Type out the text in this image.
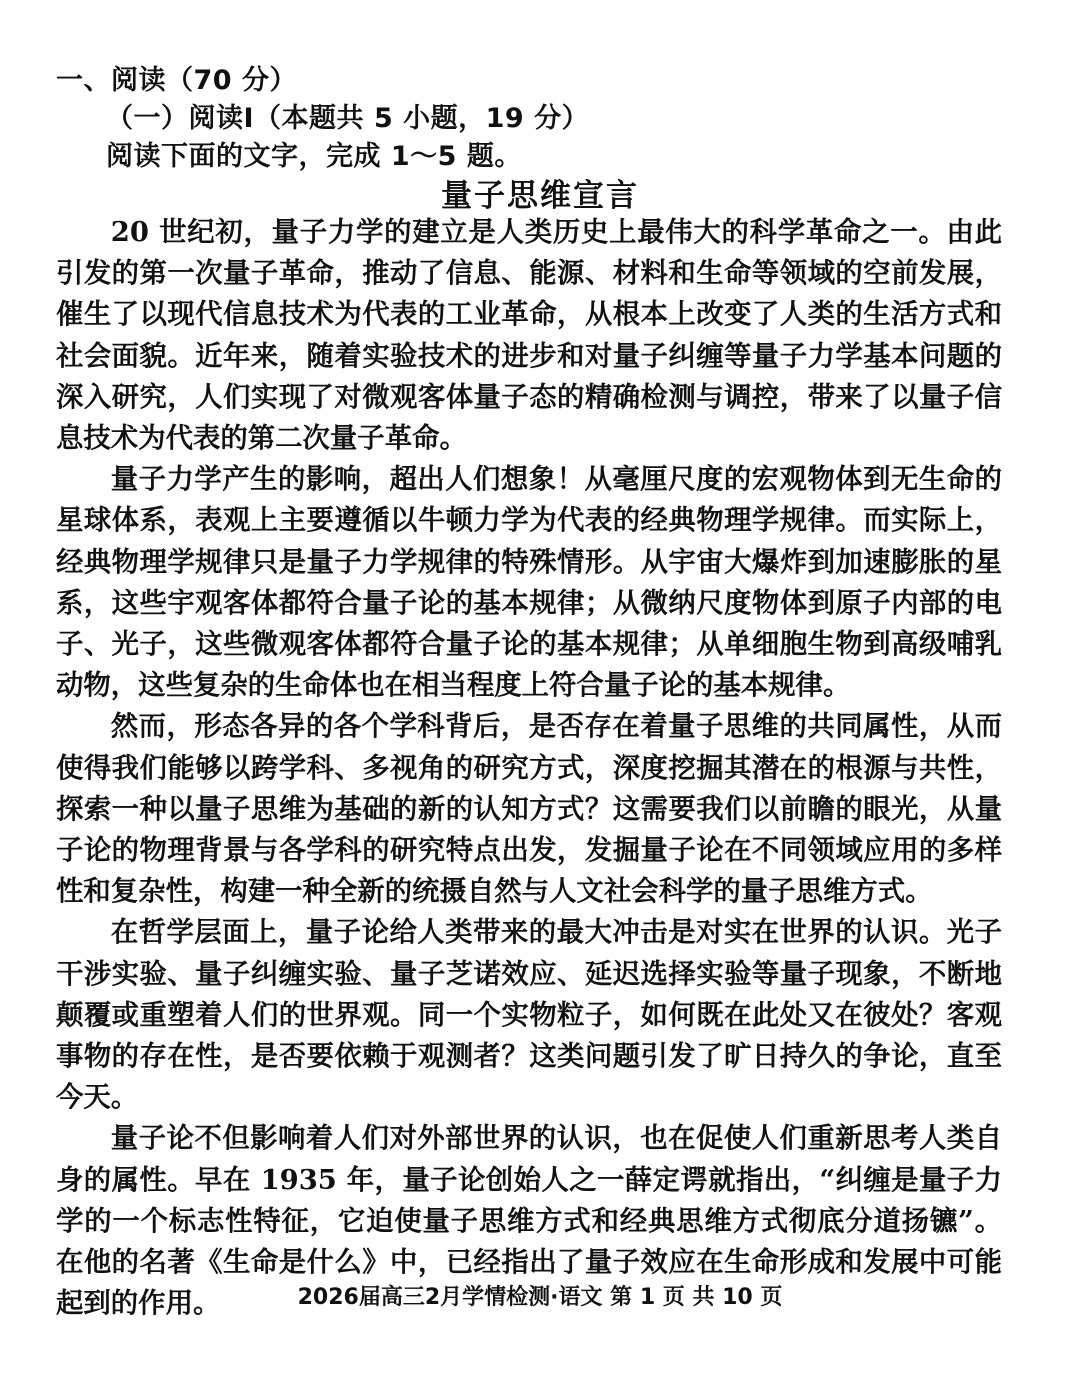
一、阅读（70 分）
（一）阅读Ⅰ（本题共 5 小题，19 分）
阅读下面的文字，完成 1～5 题。
量子思维宣言

20 世纪初，量子力学的建立是人类历史上最伟大的科学革命之一。由此引发的第一次量子革命，推动了信息、能源、材料和生命等领域的空前发展，催生了以现代信息技术为代表的工业革命，从根本上改变了人类的生活方式和社会面貌。近年来，随着实验技术的进步和对量子纠缠等量子力学基本问题的深入研究，人们实现了对微观客体量子态的精确检测与调控，带来了以量子信息技术为代表的第二次量子革命。

量子力学产生的影响，超出人们想象！从毫厘尺度的宏观物体到无生命的星球体系，表观上主要遵循以牛顿力学为代表的经典物理学规律。而实际上，经典物理学规律只是量子力学规律的特殊情形。从宇宙大爆炸到加速膨胀的星系，这些宇观客体都符合量子论的基本规律；从微纳尺度物体到原子内部的电子、光子，这些微观客体都符合量子论的基本规律；从单细胞生物到高级哺乳动物，这些复杂的生命体也在相当程度上符合量子论的基本规律。

然而，形态各异的各个学科背后，是否存在着量子思维的共同属性，从而使得我们能够以跨学科、多视角的研究方式，深度挖掘其潜在的根源与共性，探索一种以量子思维为基础的新的认知方式？这需要我们以前瞻的眼光，从量子论的物理背景与各学科的研究特点出发，发掘量子论在不同领域应用的多样性和复杂性，构建一种全新的统摄自然与人文社会科学的量子思维方式。

在哲学层面上，量子论给人类带来的最大冲击是对实在世界的认识。光子干涉实验、量子纠缠实验、量子芝诺效应、延迟选择实验等量子现象，不断地颠覆或重塑着人们的世界观。同一个实物粒子，如何既在此处又在彼处？客观事物的存在性，是否要依赖于观测者？这类问题引发了旷日持久的争论，直至今天。

量子论不但影响着人们对外部世界的认识，也在促使人们重新思考人类自身的属性。早在 1935 年，量子论创始人之一薛定谔就指出，“纠缠是量子力学的一个标志性特征，它迫使量子思维方式和经典思维方式彻底分道扬镳”。在他的名著《生命是什么》中，已经指出了量子效应在生命形成和发展中可能起到的作用。	2026届高三2月学情检测·语文 第 1 页 共 10 页
